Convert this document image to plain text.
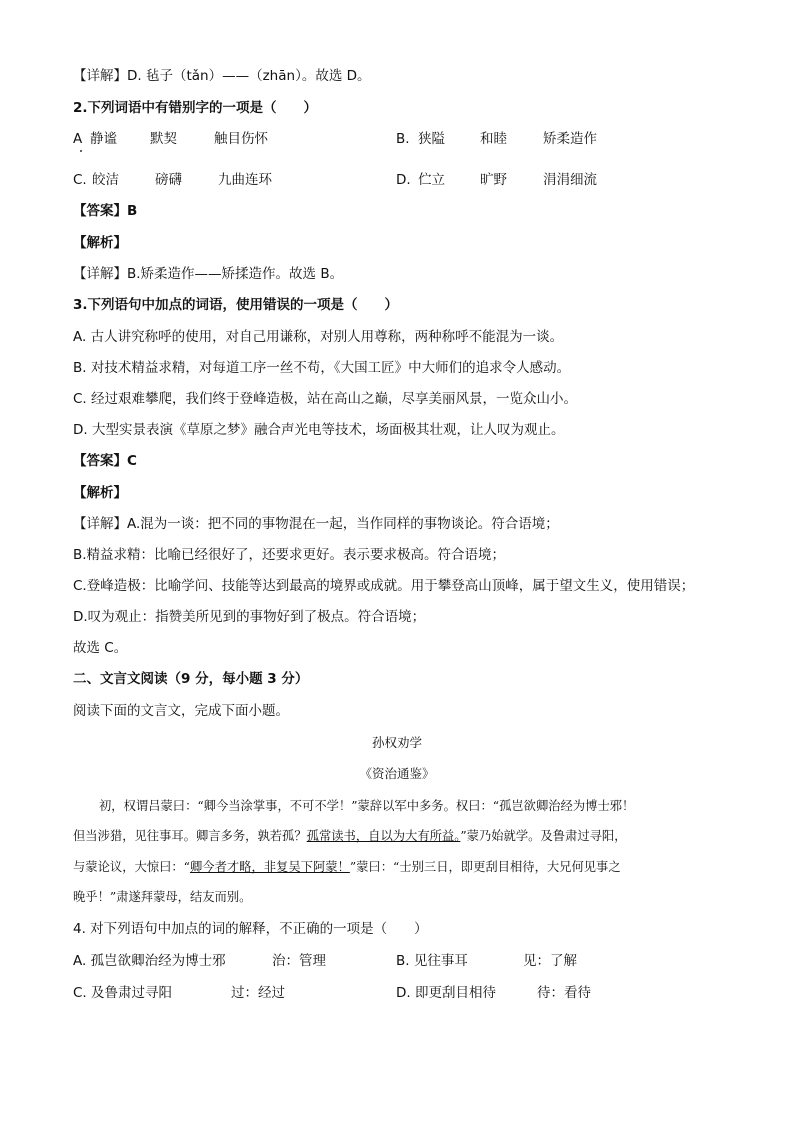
【详解】D. 毡子（tǎn）——（zhān）。故选 D。
2.下列词语中有错别字的一项是（　　）
A 静谧 默契	触目伤怀	B. 狭隘	和睦	矫柔造作
C. 皎洁	磅礴	九曲连环	D. 伫立	旷野	涓涓细流
【答案】B
【解析】
【详解】B.矫柔造作——矫揉造作。故选 B。
3.下列语句中加点的词语，使用错误的一项是（　　）
A. 古人讲究称呼的使用，对自己用谦称，对别人用尊称，两种称呼不能混为一谈。
B. 对技术精益求精，对每道工序一丝不苟，《大国工匠》中大师们的追求令人感动。
C. 经过艰难攀爬，我们终于登峰造极，站在高山之巅，尽享美丽风景，一览众山小。
D. 大型实景表演《草原之梦》融合声光电等技术，场面极其壮观，让人叹为观止。
【答案】C
【解析】
【详解】A.混为一谈：把不同的事物混在一起，当作同样的事物谈论。符合语境；
B.精益求精：比喻已经很好了，还要求更好。表示要求极高。符合语境；
C.登峰造极：比喻学问、技能等达到最高的境界或成就。用于攀登高山顶峰，属于望文生义，使用错误；
D.叹为观止：指赞美所见到的事物好到了极点。符合语境；
故选 C。
二、文言文阅读（9 分，每小题 3 分）
阅读下面的文言文，完成下面小题。
孙权劝学
《资治通鉴》
初，权谓吕蒙曰：“卿今当涂掌事，不可不学！”蒙辞以军中多务。权曰：“孤岂欲卿治经为博士邪！
但当涉猎，见往事耳。卿言多务，孰若孤？孤常读书，自以为大有所益。”蒙乃始就学。及鲁肃过寻阳，
与蒙论议，大惊曰：“卿今者才略，非复吴下阿蒙！”蒙曰：“士别三日，即更刮目相待，大兄何见事之
晚乎！”肃遂拜蒙母，结友而别。
4. 对下列语句中加点的词的解释，不正确的一项是（　　）
A. 孤岂欲卿治经为博士邪	治：管理	B. 见往事耳	见：了解
C. 及鲁肃过寻阳	过：经过	D. 即更刮目相待	待：看待
